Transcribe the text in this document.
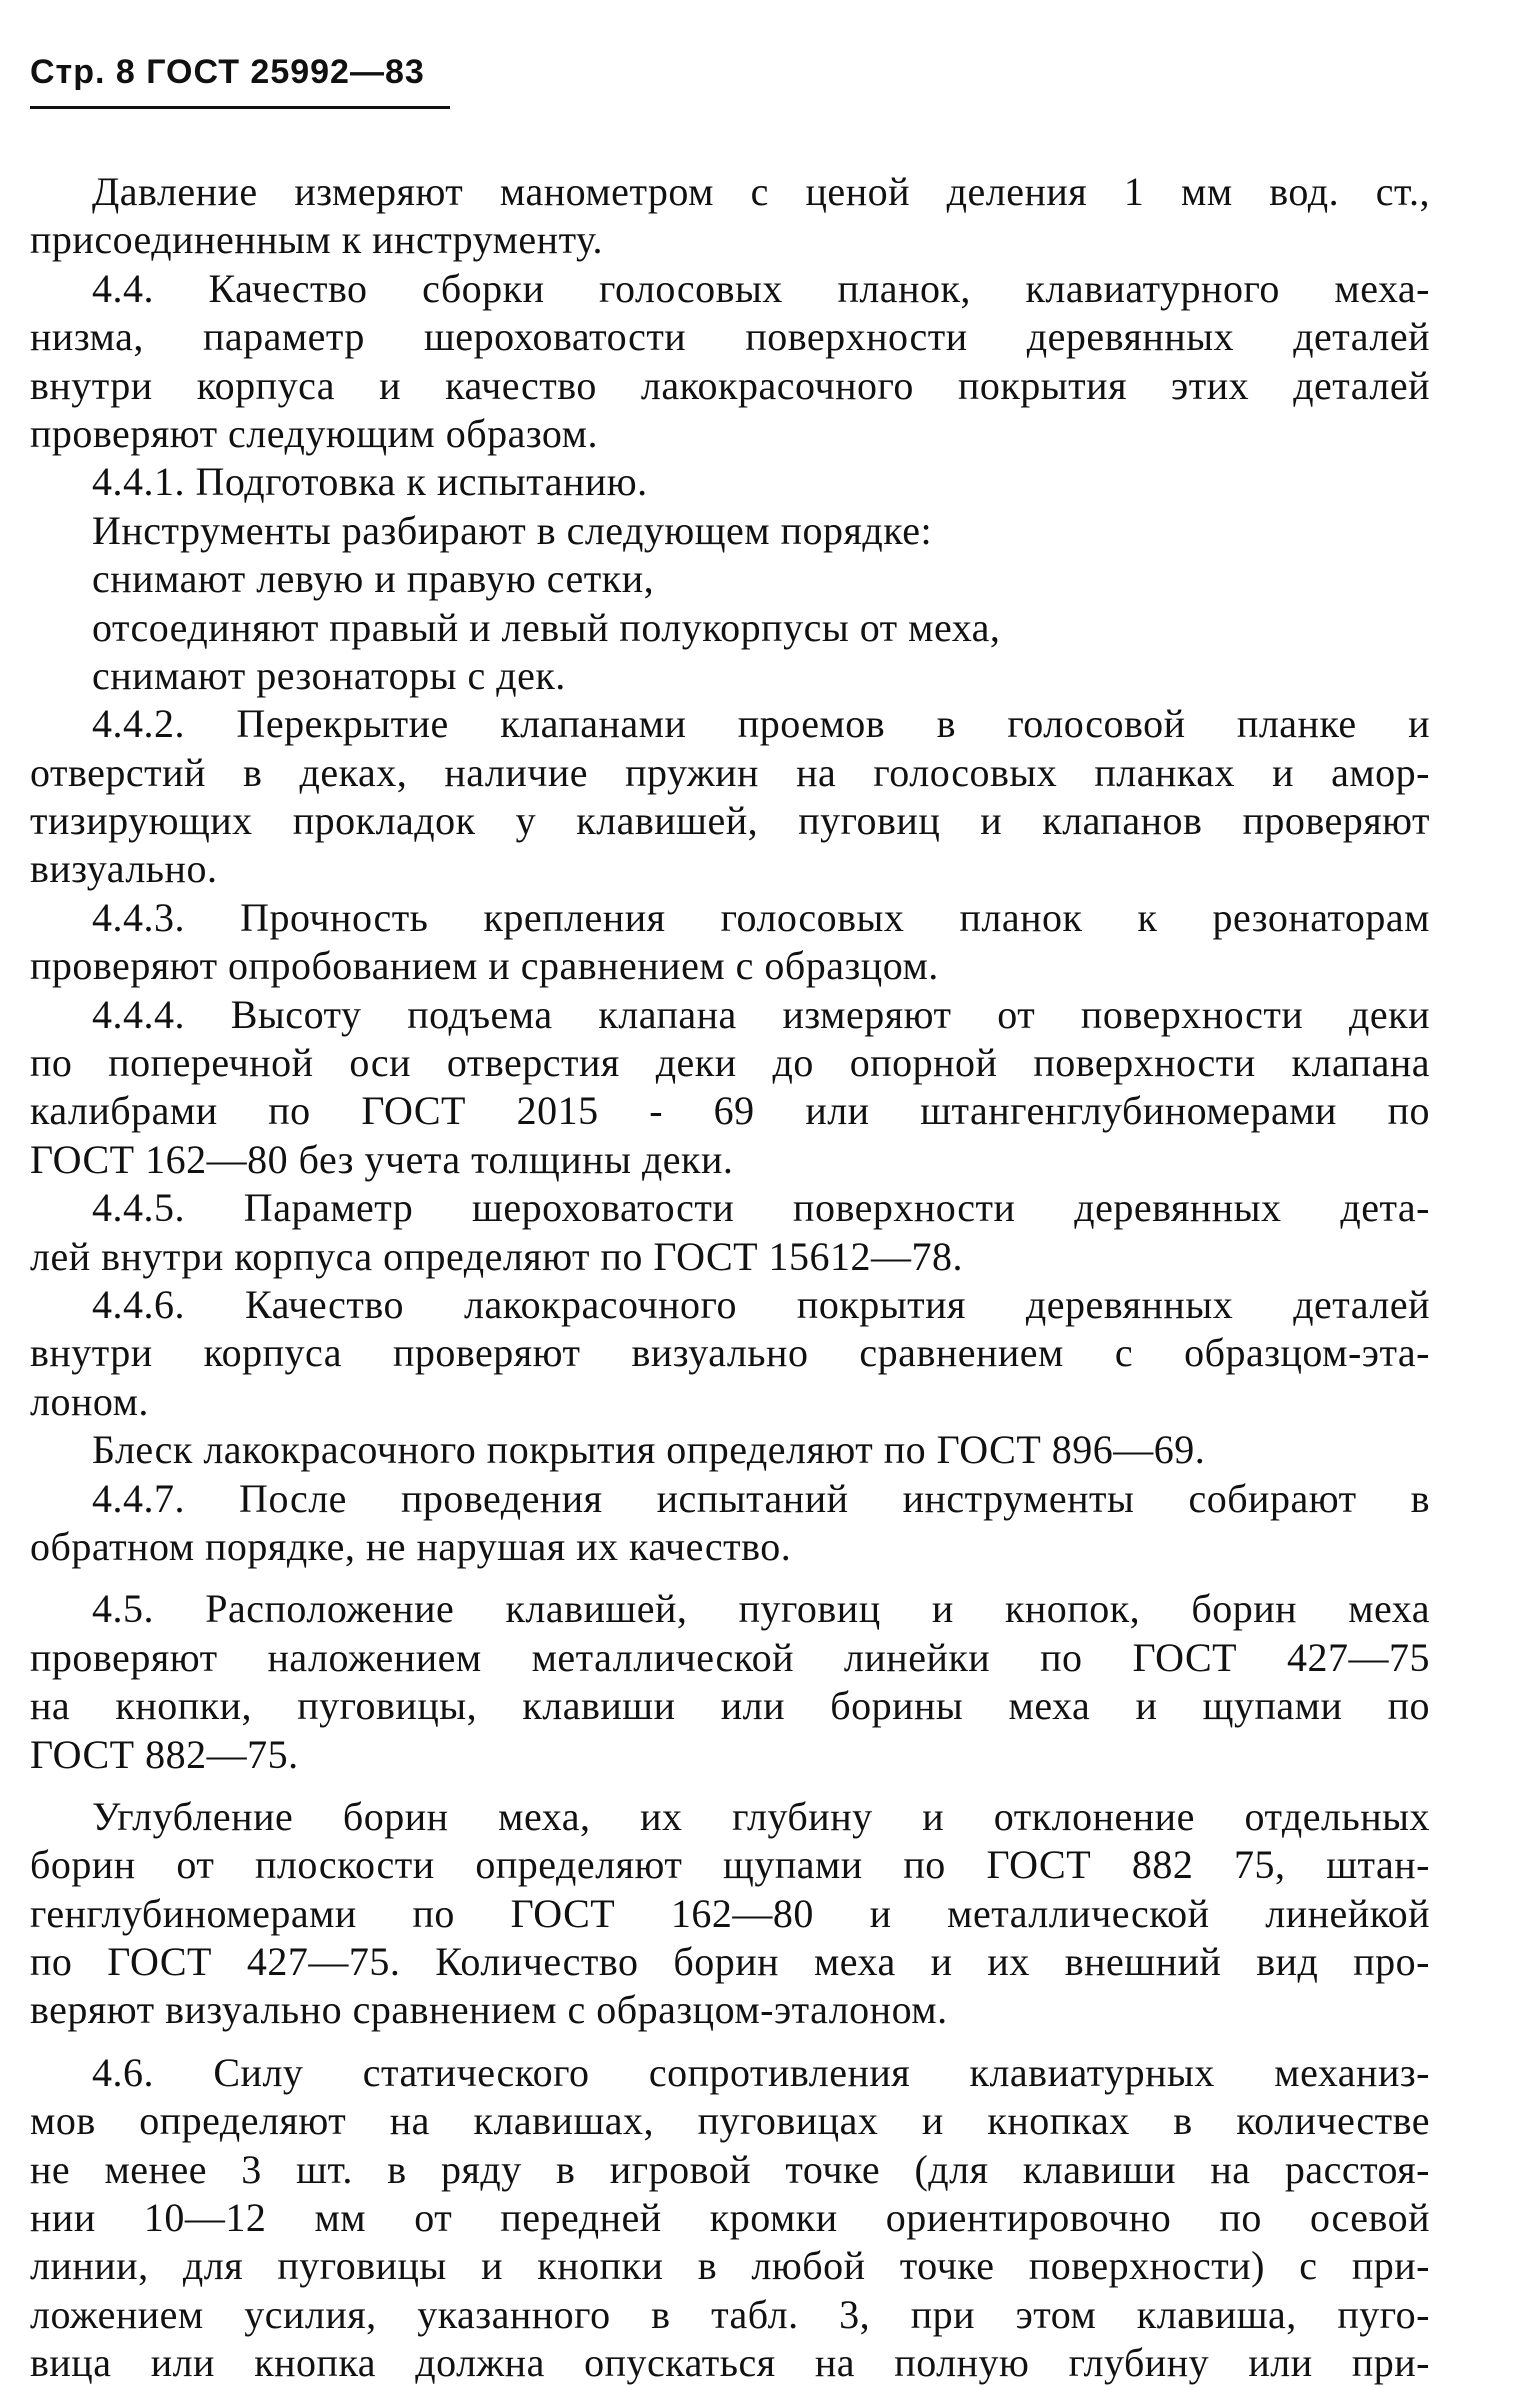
Стр. 8 ГОСТ 25992—83
Давление измеряют манометром с ценой деления 1 мм вод. ст.,
присоединенным к инструменту.
4.4. Качество сборки голосовых планок, клавиатурного меха-
низма, параметр шероховатости поверхности деревянных деталей
внутри корпуса и качество лакокрасочного покрытия этих деталей
проверяют следующим образом.
4.4.1. Подготовка к испытанию.
Инструменты разбирают в следующем порядке:
снимают левую и правую сетки,
отсоединяют правый и левый полукорпусы от меха,
снимают резонаторы с дек.
4.4.2. Перекрытие клапанами проемов в голосовой планке и
отверстий в деках, наличие пружин на голосовых планках и амор-
тизирующих прокладок у клавишей, пуговиц и клапанов проверяют
визуально.
4.4.3. Прочность крепления голосовых планок к резонаторам
проверяют опробованием и сравнением с образцом.
4.4.4. Высоту подъема клапана измеряют от поверхности деки
по поперечной оси отверстия деки до опорной поверхности клапана
калибрами по ГОСТ 2015 - 69 или штангенглубиномерами по
ГОСТ 162—80 без учета толщины деки.
4.4.5. Параметр шероховатости поверхности деревянных дета-
лей внутри корпуса определяют по ГОСТ 15612—78.
4.4.6. Качество лакокрасочного покрытия деревянных деталей
внутри корпуса проверяют визуально сравнением с образцом-эта-
лоном.
Блеск лакокрасочного покрытия определяют по ГОСТ 896—69.
4.4.7. После проведения испытаний инструменты собирают в
обратном порядке, не нарушая их качество.
4.5. Расположение клавишей, пуговиц и кнопок, борин меха
проверяют наложением металлической линейки по ГОСТ 427—75
на кнопки, пуговицы, клавиши или борины меха и щупами по
ГОСТ 882—75.
Углубление борин меха, их глубину и отклонение отдельных
борин от плоскости определяют щупами по ГОСТ 882 75, штан-
генглубиномерами по ГОСТ 162—80 и металлической линейкой
по ГОСТ 427—75. Количество борин меха и их внешний вид про-
веряют визуально сравнением с образцом-эталоном.
4.6. Силу статического сопротивления клавиатурных механиз-
мов определяют на клавишах, пуговицах и кнопках в количестве
не менее 3 шт. в ряду в игровой точке (для клавиши на расстоя-
нии 10—12 мм от передней кромки ориентировочно по осевой
линии, для пуговицы и кнопки в любой точке поверхности) с при-
ложением усилия, указанного в табл. 3, при этом клавиша, пуго-
вица или кнопка должна опускаться на полную глубину или при-
